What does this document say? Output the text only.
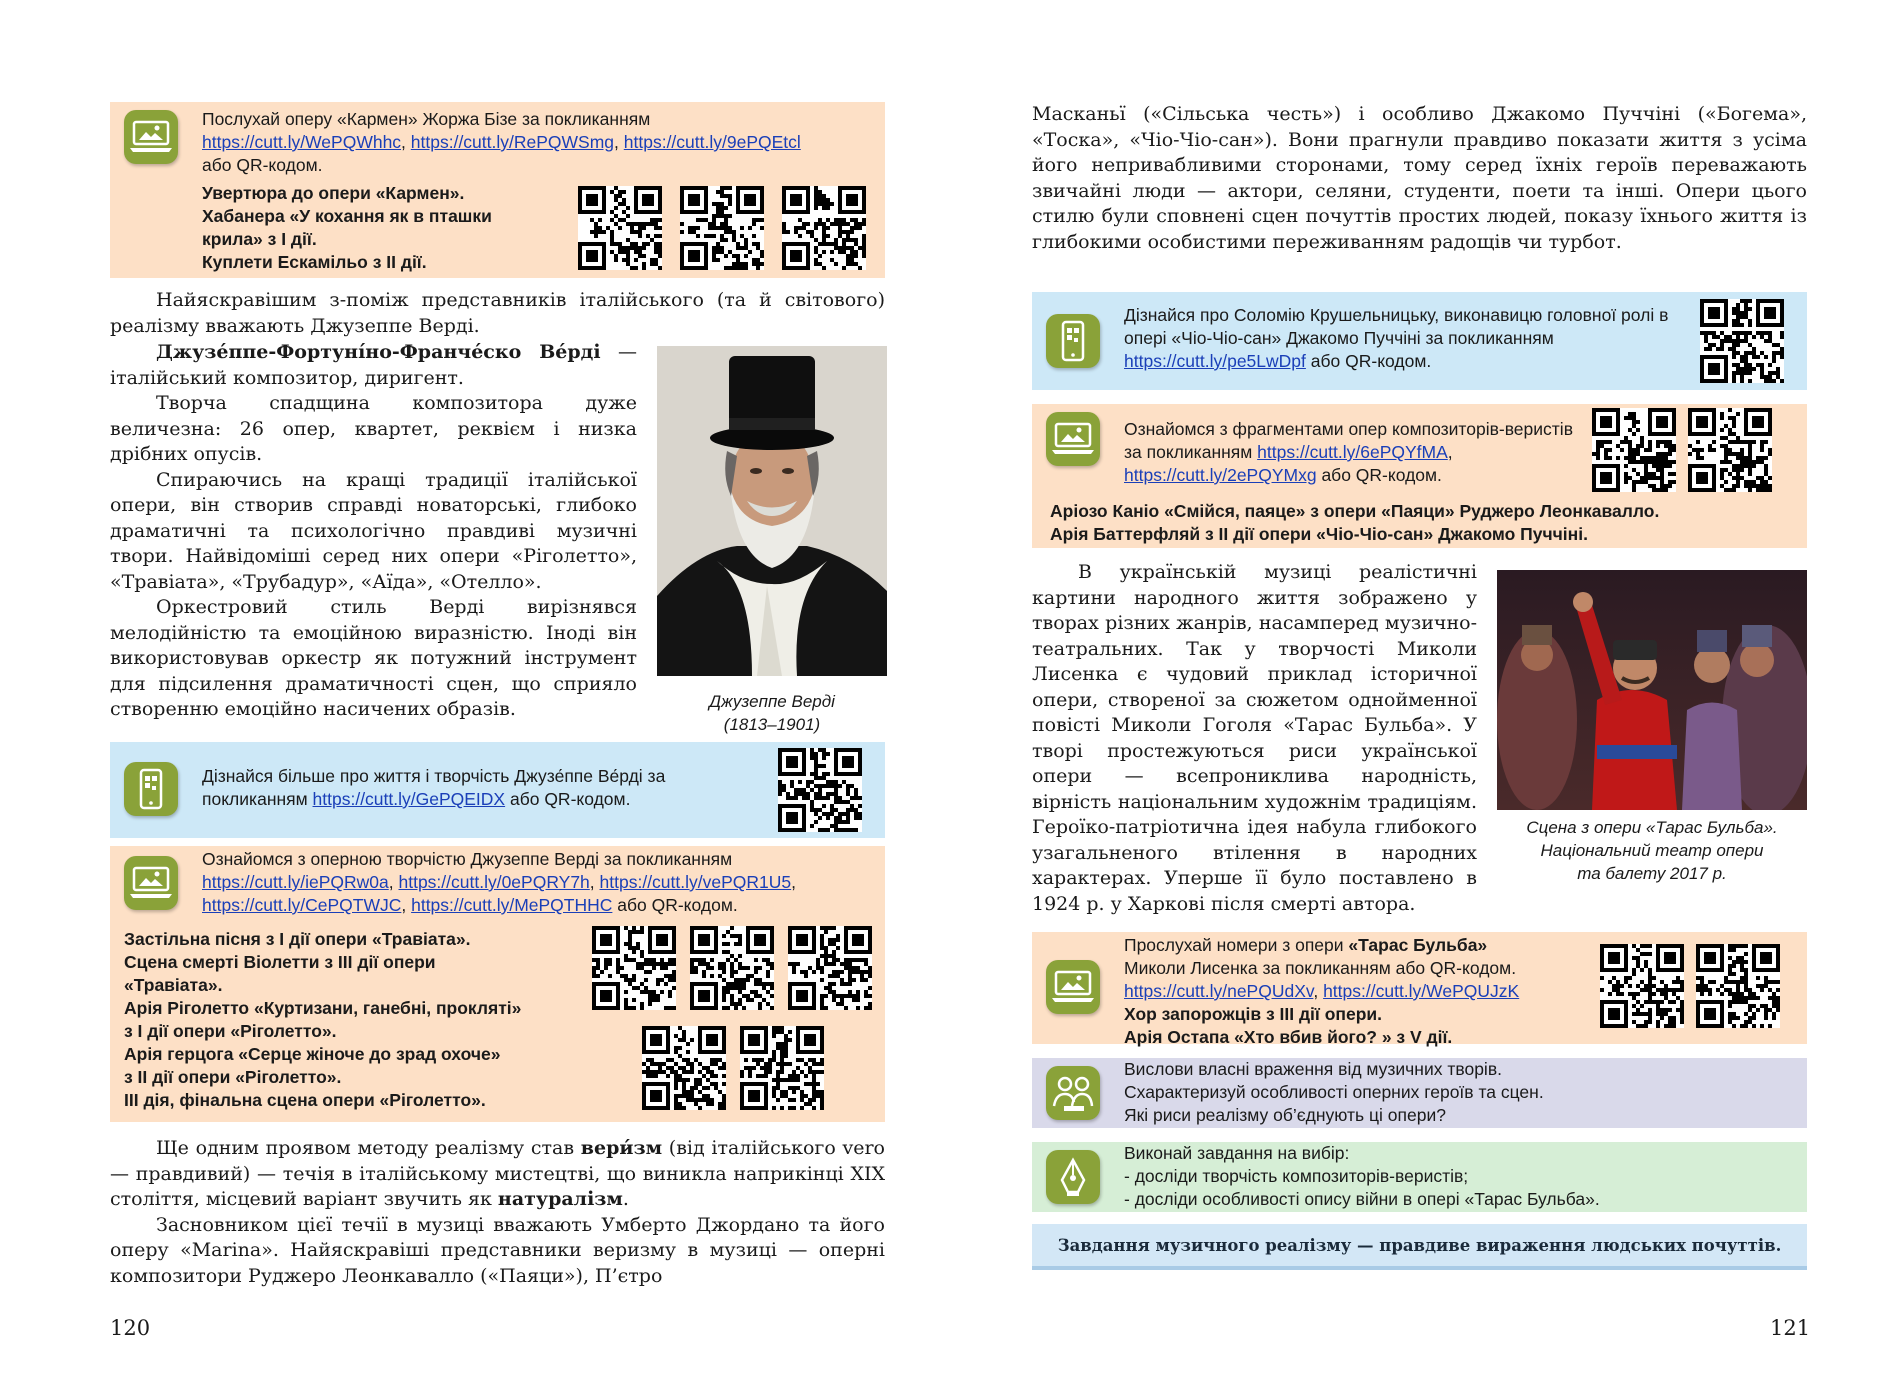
Послухай оперу «Кармен» Жоржа Бізе за покликанням
https://cutt.ly/WePQWhhc, https://cutt.ly/RePQWSmg, https://cutt.ly/9ePQEtcl
або QR-кодом.
Увертюра до опери «Кармен».
Хабанера «У кохання як в пташки
крила» з І дії.
Куплети Ескамільо з ІІ дії.

Найяскравішим з-поміж представників італійського (та й світового) реалізму вважають Джузеппе Верді.

Джузе́ппе-Фортуні́но-Франче́ско Ве́рді — італійський композитор, диригент.

Творча спадщина композитора дуже величезна: 26 опер, квартет, реквієм і низка дрібних опусів.

Спираючись на кращі традиції італійської опери, він створив справді новаторські, глибоко драматичні та психологічно правдиві музичні твори. Найвідоміші серед них опери «Ріголетто», «Травіата», «Трубадур», «Аїда», «Отелло».

Оркестровий стиль Верді вирізнявся мелодійністю та емоційною виразністю. Іноді він використовував оркестр як потужний інструмент для підсилення драматичності сцен, що сприяло створенню емоційно насичених образів.	Джузеппе Верді
(1813–1901)
Дізнайся більше про життя і творчість Джузе́ппе Ве́рді за покликанням https://cutt.ly/GePQEIDX або QR-кодом.
Ознайомся з оперною творчістю Джузеппе Верді за покликанням
https://cutt.ly/iePQRw0a, https://cutt.ly/0ePQRY7h, https://cutt.ly/vePQR1U5,
https://cutt.ly/CePQTWJC, https://cutt.ly/MePQTHHC або QR-кодом.
Застільна пісня з І дії опери «Травіата».
Сцена смерті Віолетти з ІІІ дії опери
«Травіата».
Арія Ріголетто «Куртизани, ганебні, прокляті»
з І дії опери «Ріголетто».
Арія герцога «Серце жіноче до зрад охоче»
з ІІ дії опери «Ріголетто».
ІІІ дія, фінальна сцена опери «Ріголетто».

Ще одним проявом методу реалізму став вери́зм (від італійського vero — правдивий) — течія в італійському мистецтві, що виникла наприкінці XIX століття, місцевий варіант звучить як натуралізм.

Засновником цієї течії в музиці вважають Умберто Джордано та його оперу «Marina». Найяскравіші представники веризму в музиці — оперні композитори Руджеро Леонкавалло («Паяци»), П’єтро

120

Масканьї («Сільська честь») і особливо Джакомо Пуччіні («Богема», «Тоска», «Чіо-Чіо-сан»). Вони прагнули правдиво показати життя з усіма його непривабливими сторонами, тому серед їхніх героїв переважають звичайні люди — актори, селяни, студенти, поети та інші. Опери цього стилю були сповнені сцен почуттів простих людей, показу їхнього життя із глибокими особистими переживанням радощів чи турбот.

Дізнайся про Соломію Крушельницьку, виконавицю головної ролі в опері «Чіо-Чіо-сан» Джакомо Пуччіні за покликанням https://cutt.ly/pe5LwDpf або QR-кодом.
Ознайомся з фрагментами опер композиторів-веристів за покликанням https://cutt.ly/6ePQYfMA,
https://cutt.ly/2ePQYMxg або QR-кодом.
Аріозо Каніо «Смійся, паяце» з опери «Паяци» Руджеро Леонкавалло.
Арія Баттерфляй з ІІ дії опери «Чіо-Чіо-сан» Джакомо Пуччіні.

В українській музиці реалістичні картини народного життя зображено у творах різних жанрів, насамперед музично-театральних. Так у творчості Миколи Лисенка є чудовий приклад історичної опери, створеної за сюжетом однойменної повісті Миколи Гоголя «Тарас Бульба». У творі простежуються риси української опери — всепрониклива народність, вірність національним художнім традиціям. Героїко-патріотична ідея набула глибокого узагальненого втілення в народних характерах. Уперше її було поставлено в 1924 р. у Харкові після смерті автора.

Сцена з опери «Тарас Бульба».
Національний театр опери
та балету 2017 р.
Прослухай номери з опери «Тарас Бульба»
Миколи Лисенка за покликанням або QR-кодом.
https://cutt.ly/nePQUdXv, https://cutt.ly/WePQUJzK
Хор запорожців з ІІІ дії опери.
Арія Остапа «Хто вбив його? » з V дії.
Вислови власні враження від музичних творів.
Схарактеризуй особливості оперних героїв та сцен.
Які риси реалізму об’єднують ці опери?
Виконай завдання на вибір:
- досліди творчість композиторів-веристів;
- досліди особливості опису війни в опері «Тарас Бульба».
Завдання музичного реалізму — правдиве вираження людських почуттів.
121
